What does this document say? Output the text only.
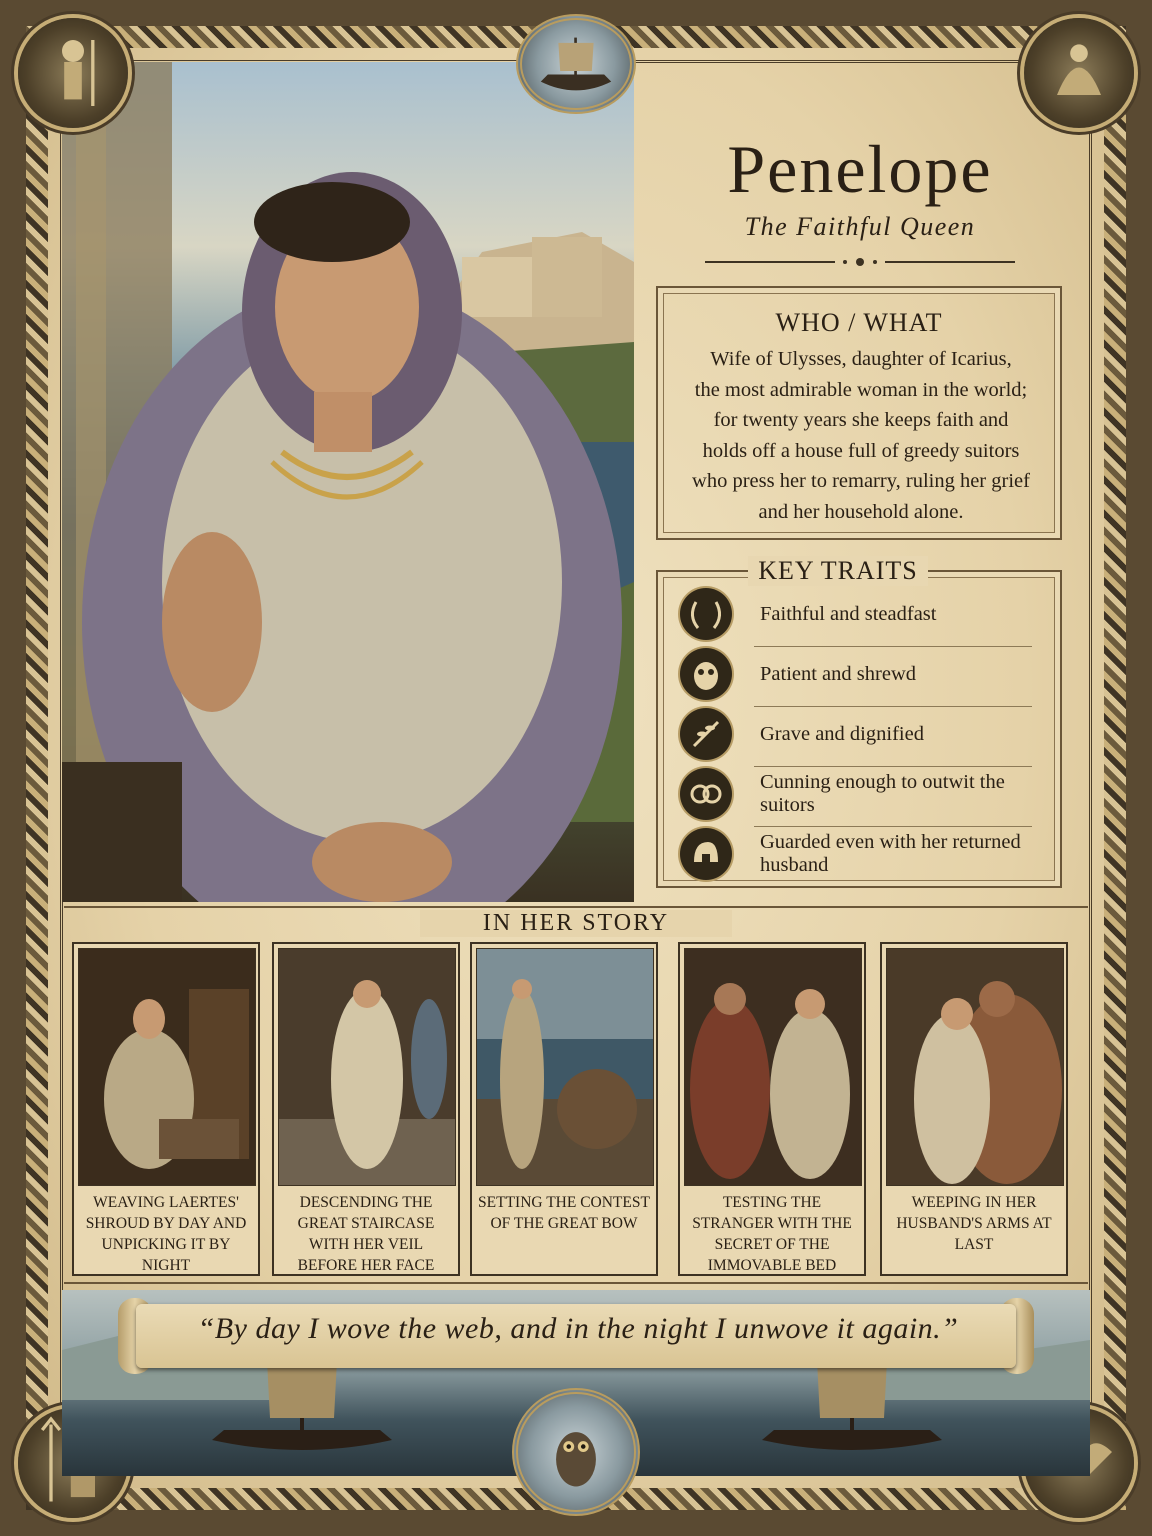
Penelope
The Faithful Queen
WHO / WHAT
Wife of Ulysses, daughter of Icarius,
the most admirable woman in the world;
for twenty years she keeps faith and
holds off a house full of greedy suitors
who press her to remarry, ruling her grief
and her household alone.
KEY TRAITS
Faithful and steadfast
Patient and shrewd
Grave and dignified
Cunning enough to outwit the suitors
Guarded even with her returned husband
IN HER STORY
WEAVING LAERTES' SHROUD BY DAY AND UNPICKING IT BY NIGHT
DESCENDING THE GREAT STAIRCASE WITH HER VEIL BEFORE HER FACE
SETTING THE CONTEST OF THE GREAT BOW
TESTING THE STRANGER WITH THE SECRET OF THE IMMOVABLE BED
WEEPING IN HER HUSBAND'S ARMS AT LAST
“By day I wove the web, and in the night I unwove it again.”
